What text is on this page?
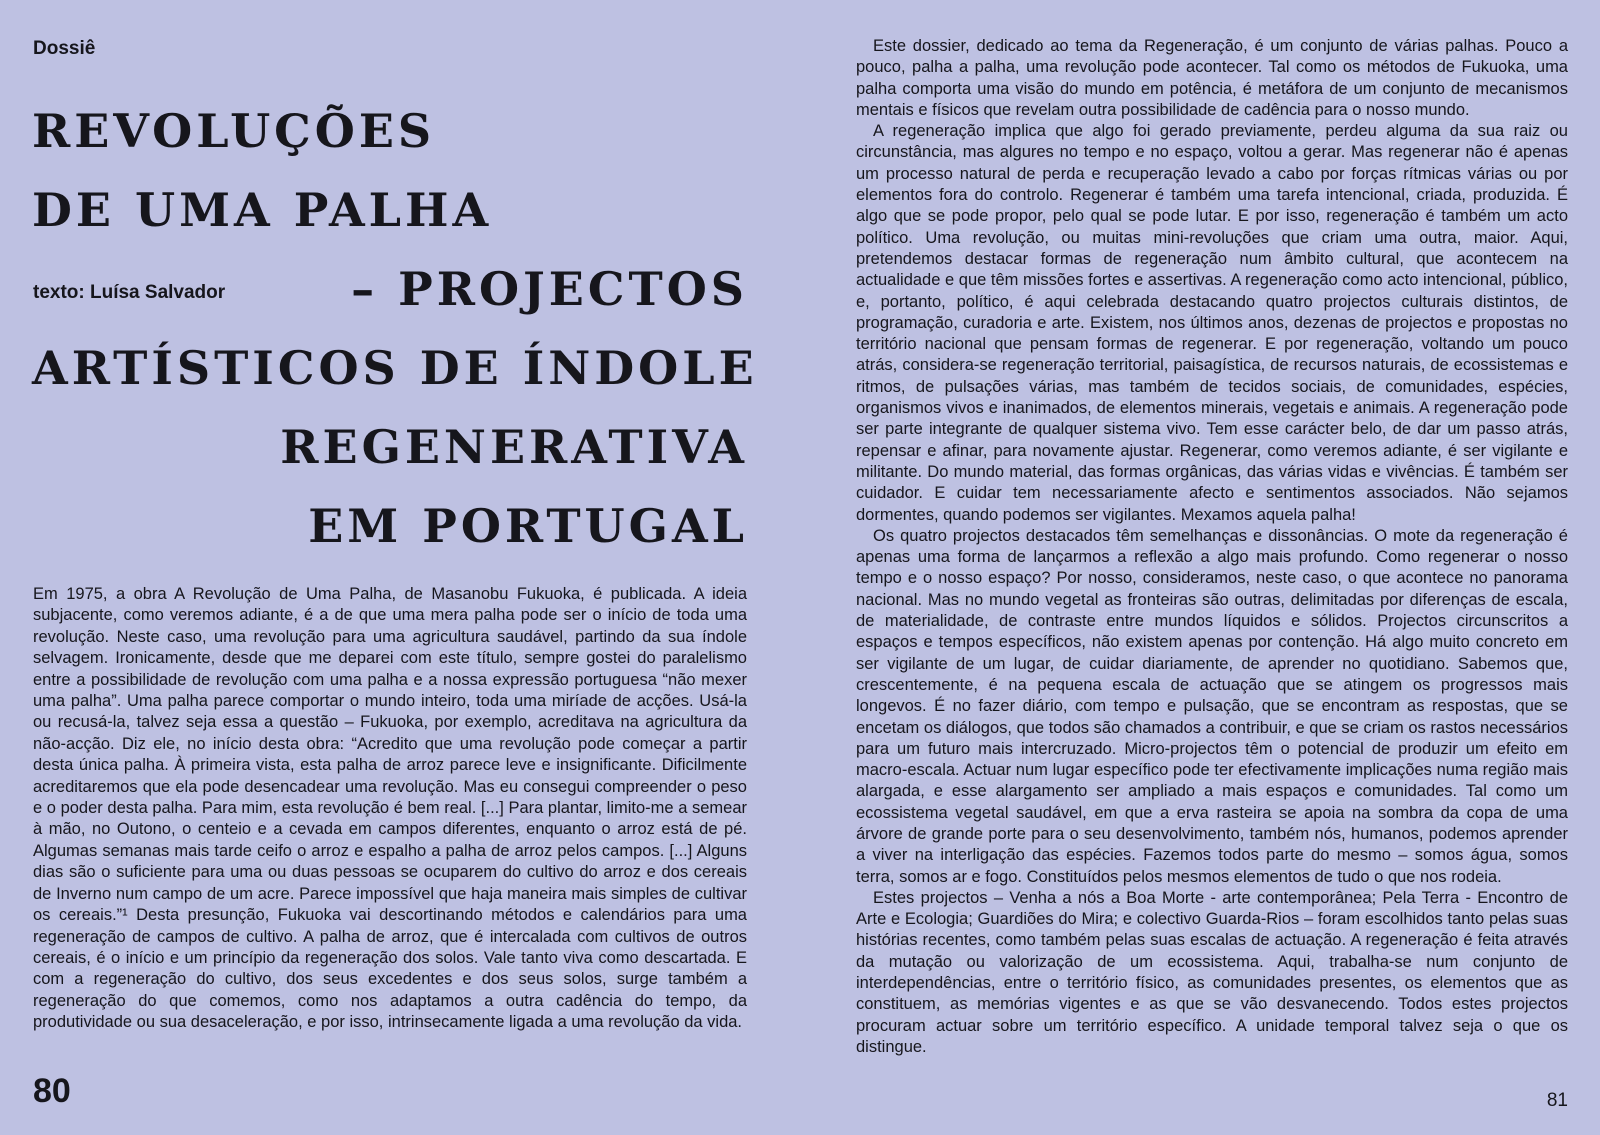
Dossiê

REVOLUÇÕES
DE UMA PALHA
– PROJECTOS
ARTÍSTICOS DE ÍNDOLE
REGENERATIVA
EM PORTUGAL

texto: Luísa Salvador

Em 1975, a obra A Revolução de Uma Palha, de Masanobu Fukuoka, é publicada. A ideia subjacente, como veremos adiante, é a de que uma mera palha pode ser o início de toda uma revolução. Neste caso, uma revolução para uma agricultura saudável, partindo da sua índole selvagem. Ironicamente, desde que me deparei com este título, sempre gostei do paralelismo entre a possibilidade de revolução com uma palha e a nossa expressão portuguesa “não mexer uma palha”. Uma palha parece comportar o mundo inteiro, toda uma miríade de acções. Usá-la ou recusá-la, talvez seja essa a questão – Fukuoka, por exemplo, acreditava na agricultura da não-acção. Diz ele, no início desta obra: “Acredito que uma revolução pode começar a partir desta única palha. À primeira vista, esta palha de arroz parece leve e insignificante. Dificilmente acreditaremos que ela pode desencadear uma revolução. Mas eu consegui compreender o peso e o poder desta palha. Para mim, esta revolução é bem real. [...] Para plantar, limito-me a semear à mão, no Outono, o centeio e a cevada em campos diferentes, enquanto o arroz está de pé. Algumas semanas mais tarde ceifo o arroz e espalho a palha de arroz pelos campos. [...] Alguns dias são o suficiente para uma ou duas pessoas se ocuparem do cultivo do arroz e dos cereais de Inverno num campo de um acre. Parece impossível que haja maneira mais simples de cultivar os cereais.”¹ Desta presunção, Fukuoka vai descortinando métodos e calendários para uma regeneração de campos de cultivo. A palha de arroz, que é intercalada com cultivos de outros cereais, é o início e um princípio da regeneração dos solos. Vale tanto viva como descartada. E com a regeneração do cultivo, dos seus excedentes e dos seus solos, surge também a regeneração do que comemos, como nos adaptamos a outra cadência do tempo, da produtividade ou sua desaceleração, e por isso, intrinsecamente ligada a uma revolução da vida.

Este dossier, dedicado ao tema da Regeneração, é um conjunto de várias palhas. Pouco a pouco, palha a palha, uma revolução pode acontecer. Tal como os métodos de Fukuoka, uma palha comporta uma visão do mundo em potência, é metáfora de um conjunto de mecanismos mentais e físicos que revelam outra possibilidade de cadência para o nosso mundo.

A regeneração implica que algo foi gerado previamente, perdeu alguma da sua raiz ou circunstância, mas algures no tempo e no espaço, voltou a gerar. Mas regenerar não é apenas um processo natural de perda e recuperação levado a cabo por forças rítmicas várias ou por elementos fora do controlo. Regenerar é também uma tarefa intencional, criada, produzida. É algo que se pode propor, pelo qual se pode lutar. E por isso, regeneração é também um acto político. Uma revolução, ou muitas mini-revoluções que criam uma outra, maior. Aqui, pretendemos destacar formas de regeneração num âmbito cultural, que acontecem na actualidade e que têm missões fortes e assertivas. A regeneração como acto intencional, público, e, portanto, político, é aqui celebrada destacando quatro projectos culturais distintos, de programação, curadoria e arte. Existem, nos últimos anos, dezenas de projectos e propostas no território nacional que pensam formas de regenerar. E por regeneração, voltando um pouco atrás, considera-se regeneração territorial, paisagística, de recursos naturais, de ecossistemas e ritmos, de pulsações várias, mas também de tecidos sociais, de comunidades, espécies, organismos vivos e inanimados, de elementos minerais, vegetais e animais. A regeneração pode ser parte integrante de qualquer sistema vivo. Tem esse carácter belo, de dar um passo atrás, repensar e afinar, para novamente ajustar. Regenerar, como veremos adiante, é ser vigilante e militante. Do mundo material, das formas orgânicas, das várias vidas e vivências. É também ser cuidador. E cuidar tem necessariamente afecto e sentimentos associados. Não sejamos dormentes, quando podemos ser vigilantes. Mexamos aquela palha!

Os quatro projectos destacados têm semelhanças e dissonâncias. O mote da regeneração é apenas uma forma de lançarmos a reflexão a algo mais profundo. Como regenerar o nosso tempo e o nosso espaço? Por nosso, consideramos, neste caso, o que acontece no panorama nacional. Mas no mundo vegetal as fronteiras são outras, delimitadas por diferenças de escala, de materialidade, de contraste entre mundos líquidos e sólidos. Projectos circunscritos a espaços e tempos específicos, não existem apenas por contenção. Há algo muito concreto em ser vigilante de um lugar, de cuidar diariamente, de aprender no quotidiano. Sabemos que, crescentemente, é na pequena escala de actuação que se atingem os progressos mais longevos. É no fazer diário, com tempo e pulsação, que se encontram as respostas, que se encetam os diálogos, que todos são chamados a contribuir, e que se criam os rastos necessários para um futuro mais intercruzado. Micro-projectos têm o potencial de produzir um efeito em macro-escala. Actuar num lugar específico pode ter efectivamente implicações numa região mais alargada, e esse alargamento ser ampliado a mais espaços e comunidades. Tal como um ecossistema vegetal saudável, em que a erva rasteira se apoia na sombra da copa de uma árvore de grande porte para o seu desenvolvimento, também nós, humanos, podemos aprender a viver na interligação das espécies. Fazemos todos parte do mesmo – somos água, somos terra, somos ar e fogo. Constituídos pelos mesmos elementos de tudo o que nos rodeia.

Estes projectos – Venha a nós a Boa Morte - arte contemporânea; Pela Terra - Encontro de Arte e Ecologia; Guardiões do Mira; e colectivo Guarda-Rios – foram escolhidos tanto pelas suas histórias recentes, como também pelas suas escalas de actuação. A regeneração é feita através da mutação ou valorização de um ecossistema. Aqui, trabalha-se num conjunto de interdependências, entre o território físico, as comunidades presentes, os elementos que as constituem, as memórias vigentes e as que se vão desvanecendo. Todos estes projectos procuram actuar sobre um território específico. A unidade temporal talvez seja o que os distingue.

80	81
